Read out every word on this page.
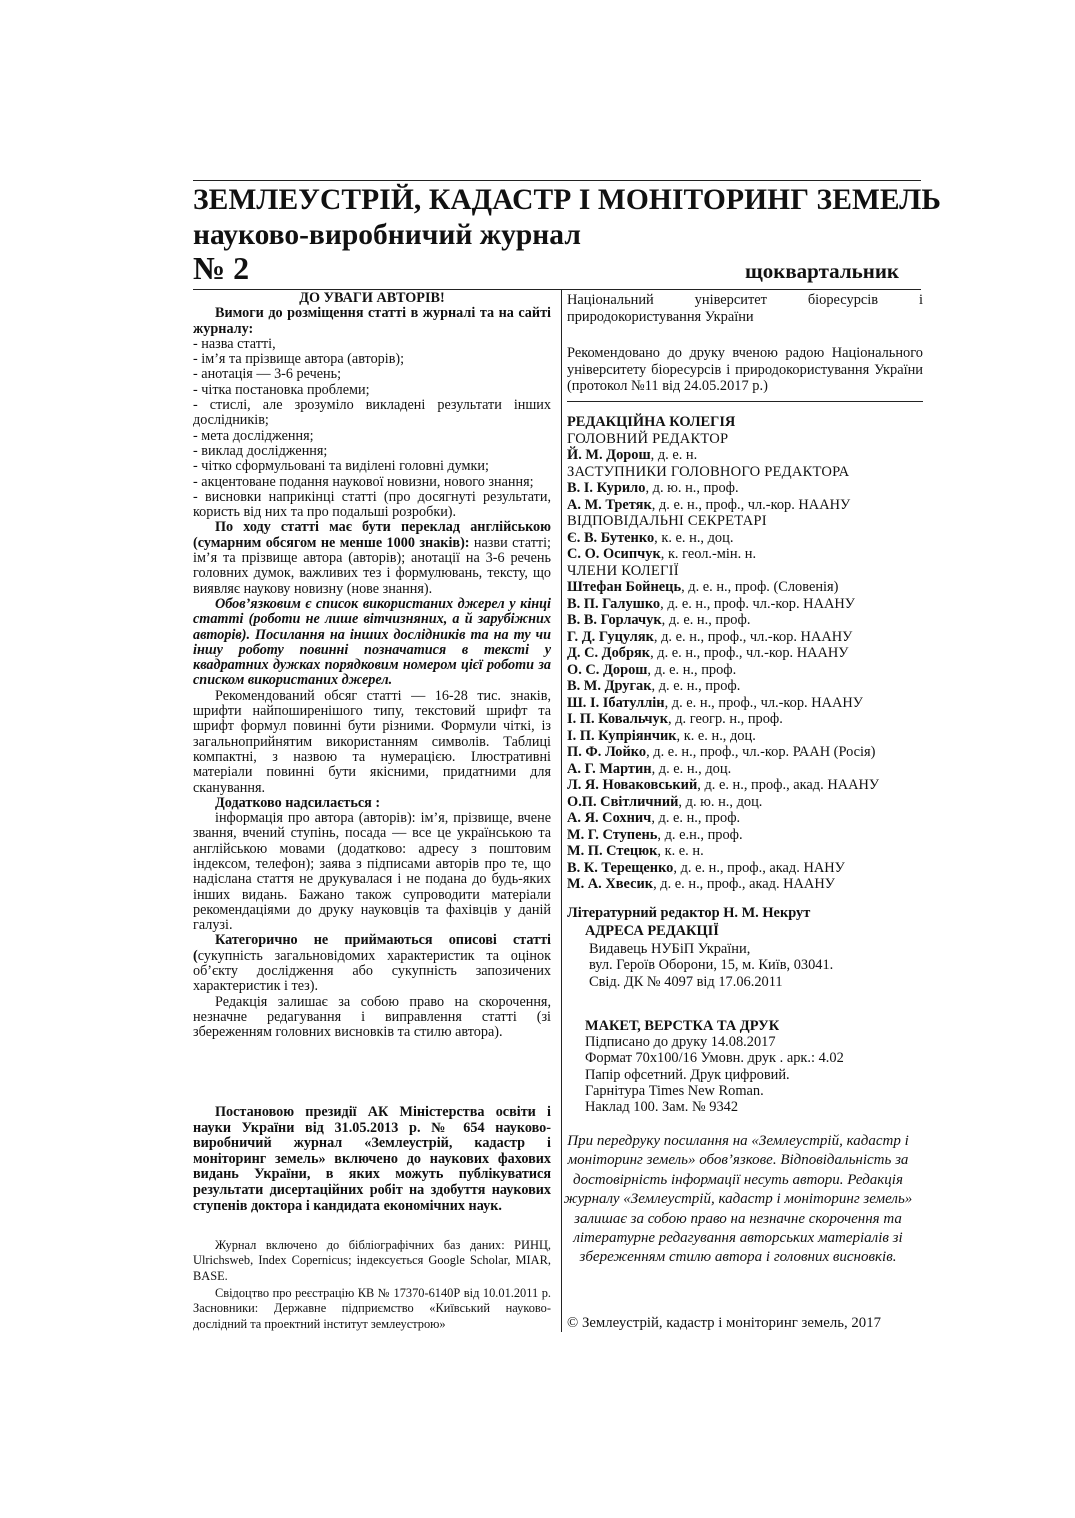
ЗЕМЛЕУСТРІЙ, КАДАСТР І МОНІТОРИНГ ЗЕМЕЛЬ
науково-виробничий журнал
№ 2	щоквартальник

ДО УВАГИ АВТОРІВ!

Вимоги до розміщення статті в журналі та на сайті журналу:

- назва статті,

- ім’я та прізвище автора (авторів);

- анотація — 3-6 речень;

- чітка постановка проблеми;

- стислі, але зрозуміло викладені результати інших дослідників;

- мета дослідження;

- виклад дослідження;

- чітко сформульовані та виділені головні думки;

- акцентоване подання наукової новизни, нового знання;

- висновки наприкінці статті (про досягнуті результати, користь від них та про подальші розробки).

По ходу статті має бути переклад англійською (сумарним обсягом не менше 1000 знаків): назви статті; ім’я та прізвище автора (авторів); анотації на 3-6 речень головних думок, важливих тез і формулювань, тексту, що виявляє наукову новизну (нове знання).

Обов’язковим є список використаних джерел у кінці статті (роботи не лише вітчизняних, а й зарубіжних авторів). Посилання на інших дослідників та на ту чи іншу роботу повинні позначатися в тексті у квадратних дужках порядковим номером цієї роботи за списком використаних джерел.

Рекомендований обсяг статті — 16-28 тис. знаків, шрифти найпоширенішого типу, текстовий шрифт та шрифт формул повинні бути різними. Формули чіткі, із загальноприйнятим використанням символів. Таблиці компактні, з назвою та нумерацією. Ілюстративні матеріали повинні бути якісними, придатними для сканування.

Додатково надсилається :

інформація про автора (авторів): ім’я, прізвище, вчене звання, вчений ступінь, посада — все це українською та англійською мовами (додатково: адресу з поштовим індексом, телефон); заява з підписами авторів про те, що надіслана стаття не друкувалася і не подана до будь-яких інших видань. Бажано також супроводити матеріали рекомендаціями до друку науковців та фахівців у даній галузі.

Категорично не приймаються описові статті (сукупність загальновідомих характеристик та оцінок об’єкту дослідження або сукупність запозичених характеристик і тез).

Редакція залишає за собою право на скорочення, незначне редагування і виправлення статті (зі збереженням головних висновків та стилю автора).

Постановою президії АК Міністерства освіти і науки України від 31.05.2013 р. № 654 науково-виробничий журнал «Землеустрій, кадастр і моніторинг земель» включено до наукових фахових видань України, в яких можуть публікуватися результати дисертаційних робіт на здобуття наукових ступенів доктора і кандидата економічних наук.

Журнал включено до бібліографічних баз даних: РИНЦ, Ulrichsweb, Index Copernicus; індексується Google Scholar, MIAR, BASE.

Свідоцтво про реєстрацію КВ № 17370-6140Р від 10.01.2011 р. Засновники: Державне підприємство «Київський науково-дослідний та проектний інститут землеустрою»

Національний університет біоресурсів і природокористування України

Рекомендовано до друку вченою радою Національного університету біоресурсів і природокористування України (протокол №11 від 24.05.2017 р.)

РЕДАКЦІЙНА КОЛЕГІЯ

ГОЛОВНИЙ РЕДАКТОР
Й. М. Дорош, д. е. н.
ЗАСТУПНИКИ ГОЛОВНОГО РЕДАКТОРА
В. І. Курило, д. ю. н., проф.
А. М. Третяк, д. е. н., проф., чл.-кор. НААНУ
ВІДПОВІДАЛЬНІ СЕКРЕТАРІ
Є. В. Бутенко, к. е. н., доц.
С. О. Осипчук, к. геол.-мін. н.
ЧЛЕНИ КОЛЕГІЇ
Штефан Бойнець, д. е. н., проф. (Словенія)
В. П. Галушко, д. е. н., проф. чл.-кор. НААНУ
В. В. Горлачук, д. е. н., проф.
Г. Д. Гуцуляк, д. е. н., проф., чл.-кор. НААНУ
Д. С. Добряк, д. е. н., проф., чл.-кор. НААНУ
О. С. Дорош, д. е. н., проф.
В. М. Другак, д. е. н., проф.
Ш. І. Ібатуллін, д. е. н., проф., чл.-кор. НААНУ
І. П. Ковальчук, д. геогр. н., проф.
І. П. Купріянчик, к. е. н., доц.
П. Ф. Лойко, д. е. н., проф., чл.-кор. РААН (Росія)
А. Г. Мартин, д. е. н., доц.
Л. Я. Новаковський, д. е. н., проф., акад. НААНУ
О.П. Світличний, д. ю. н., доц.
А. Я. Сохнич, д. е. н., проф.
М. Г. Ступень, д. е.н., проф.
М. П. Стецюк, к. е. н.
В. К. Терещенко, д. е. н., проф., акад. НАНУ
М. А. Хвесик, д. е. н., проф., акад. НААНУ

Літературний редактор Н. М. Некрут

АДРЕСА РЕДАКЦІЇ

Видавець НУБіП України,

вул. Героїв Оборони, 15, м. Київ, 03041.

Свід. ДК № 4097 від 17.06.2011

МАКЕТ, ВЕРСТКА ТА ДРУК

Підписано до друку 14.08.2017

Формат 70х100/16 Умовн. друк . арк.: 4.02

Папір офсетний. Друк цифровий.

Гарнітура Times New Roman.

Наклад 100. Зам. № 9342

При передруку посилання на «Землеустрій, кадастр і моніторинг земель» обов’язкове. Відповідальність за достовірність інформації несуть автори. Редакція журналу «Землеустрій, кадастр і моніторинг земель» залишає за собою право на незначне скорочення та літературне редагування авторських матеріалів зі збереженням стилю автора і головних висновків.

© Землеустрій, кадастр і моніторинг земель, 2017
